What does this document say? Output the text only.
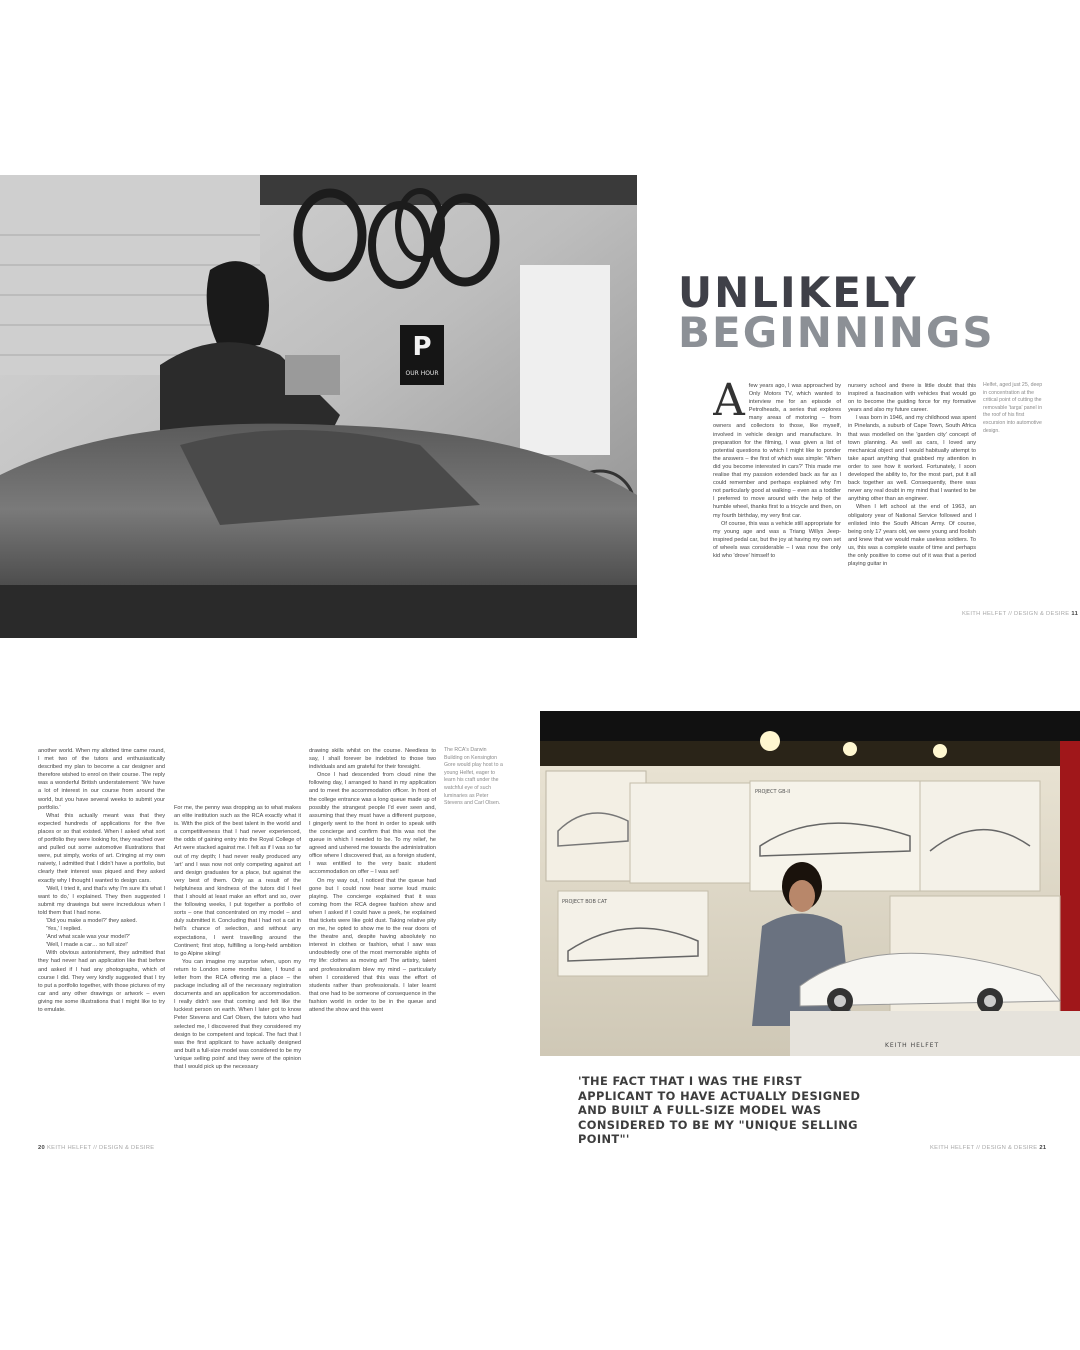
P
OUR HOUR
UNLIKELY
BEGINNINGS

Afew years ago, I was approached by Only Motors TV, which wanted to interview me for an episode of Petrolheads, a series that explores many areas of motoring – from owners and collectors to those, like myself, involved in vehicle design and manufacture. In preparation for the filming, I was given a list of potential questions to which I might like to ponder the answers – the first of which was simple: 'When did you become interested in cars?' This made me realise that my passion extended back as far as I could remember and perhaps explained why I'm not particularly good at walking – even as a toddler I preferred to move around with the help of the humble wheel, thanks first to a tricycle and then, on my fourth birthday, my very first car.

Of course, this was a vehicle still appropriate for my young age and was a Triang Willys Jeep-inspired pedal car, but the joy at having my own set of wheels was considerable – I was now the only kid who 'drove' himself to

nursery school and there is little doubt that this inspired a fascination with vehicles that would go on to become the guiding force for my formative years and also my future career.

I was born in 1946, and my childhood was spent in Pinelands, a suburb of Cape Town, South Africa that was modelled on the 'garden city' concept of town planning. As well as cars, I loved any mechanical object and I would habitually attempt to take apart anything that grabbed my attention in order to see how it worked. Fortunately, I soon developed the ability to, for the most part, put it all back together as well. Consequently, there was never any real doubt in my mind that I wanted to be anything other than an engineer.

When I left school at the end of 1963, an obligatory year of National Service followed and I enlisted into the South African Army. Of course, being only 17 years old, we were young and foolish and knew that we would make useless soldiers. To us, this was a complete waste of time and perhaps the only positive to come out of it was that a period playing guitar in

Helfet, aged just 25, deep in concentration at the critical point of cutting the removable 'targa' panel in the roof of his first excursion into automotive design.
KEITH HELFET // DESIGN & DESIRE 11

another world. When my allotted time came round, I met two of the tutors and enthusiastically described my plan to become a car designer and therefore wished to enrol on their course. The reply was a wonderful British understatement: 'We have a lot of interest in our course from around the world, but you have several weeks to submit your portfolio.'

What this actually meant was that they expected hundreds of applications for the five places or so that existed. When I asked what sort of portfolio they were looking for, they reached over and pulled out some automotive illustrations that were, put simply, works of art. Cringing at my own naivety, I admitted that I didn't have a portfolio, but clearly their interest was piqued and they asked exactly why I thought I wanted to design cars.

'Well, I tried it, and that's why I'm sure it's what I want to do,' I explained. They then suggested I submit my drawings but were incredulous when I told them that I had none.

'Did you make a model?' they asked.

'Yes,' I replied.

'And what scale was your model?'

'Well, I made a car… so full size!'

With obvious astonishment, they admitted that they had never had an application like that before and asked if I had any photographs, which of course I did. They very kindly suggested that I try to put a portfolio together, with those pictures of my car and any other drawings or artwork – even giving me some illustrations that I might like to try to emulate.

For me, the penny was dropping as to what makes an elite institution such as the RCA exactly what it is. With the pick of the best talent in the world and a competitiveness that I had never experienced, the odds of gaining entry into the Royal College of Art were stacked against me. I felt as if I was so far out of my depth; I had never really produced any 'art' and I was now not only competing against art and design graduates for a place, but against the very best of them. Only as a result of the helpfulness and kindness of the tutors did I feel that I should at least make an effort and so, over the following weeks, I put together a portfolio of sorts – one that concentrated on my model – and duly submitted it. Concluding that I had not a cat in hell's chance of selection, and without any expectations, I went travelling around the Continent; first stop, fulfilling a long-held ambition to go Alpine skiing!

You can imagine my surprise when, upon my return to London some months later, I found a letter from the RCA offering me a place – the package including all of the necessary registration documents and an application for accommodation. I really didn't see that coming and felt like the luckiest person on earth. When I later got to know Peter Stevens and Carl Olsen, the tutors who had selected me, I discovered that they considered my design to be competent and topical. The fact that I was the first applicant to have actually designed and built a full-size model was considered to be my 'unique selling point' and they were of the opinion that I would pick up the necessary

drawing skills whilst on the course. Needless to say, I shall forever be indebted to those two individuals and am grateful for their foresight.

Once I had descended from cloud nine the following day, I arranged to hand in my application and to meet the accommodation officer. In front of the college entrance was a long queue made up of possibly the strangest people I'd ever seen and, assuming that they must have a different purpose, I gingerly went to the front in order to speak with the concierge and confirm that this was not the queue in which I needed to be. To my relief, he agreed and ushered me towards the administration office where I discovered that, as a foreign student, I was entitled to the very basic student accommodation on offer – I was set!

On my way out, I noticed that the queue had gone but I could now hear some loud music playing. The concierge explained that it was coming from the RCA degree fashion show and when I asked if I could have a peek, he explained that tickets were like gold dust. Taking relative pity on me, he opted to show me to the rear doors of the theatre and, despite having absolutely no interest in clothes or fashion, what I saw was undoubtedly one of the most memorable sights of my life: clothes as moving art! The artistry, talent and professionalism blew my mind – particularly when I considered that this was the effort of students rather than professionals. I later learnt that one had to be someone of consequence in the fashion world in order to be in the queue and attend the show and this went

The RCA's Darwin Building on Kensington Gore would play host to a young Helfet, eager to learn his craft under the watchful eye of such luminaries as Peter Stevens and Carl Olsen.
PROJECT GB-II
PROJECT BOB CAT
KEITH HELFET
'THE FACT THAT I WAS THE FIRST APPLICANT TO HAVE ACTUALLY DESIGNED AND BUILT A FULL-SIZE MODEL WAS CONSIDERED TO BE MY "UNIQUE SELLING POINT"'
20 KEITH HELFET // DESIGN & DESIRE	KEITH HELFET // DESIGN & DESIRE 21
